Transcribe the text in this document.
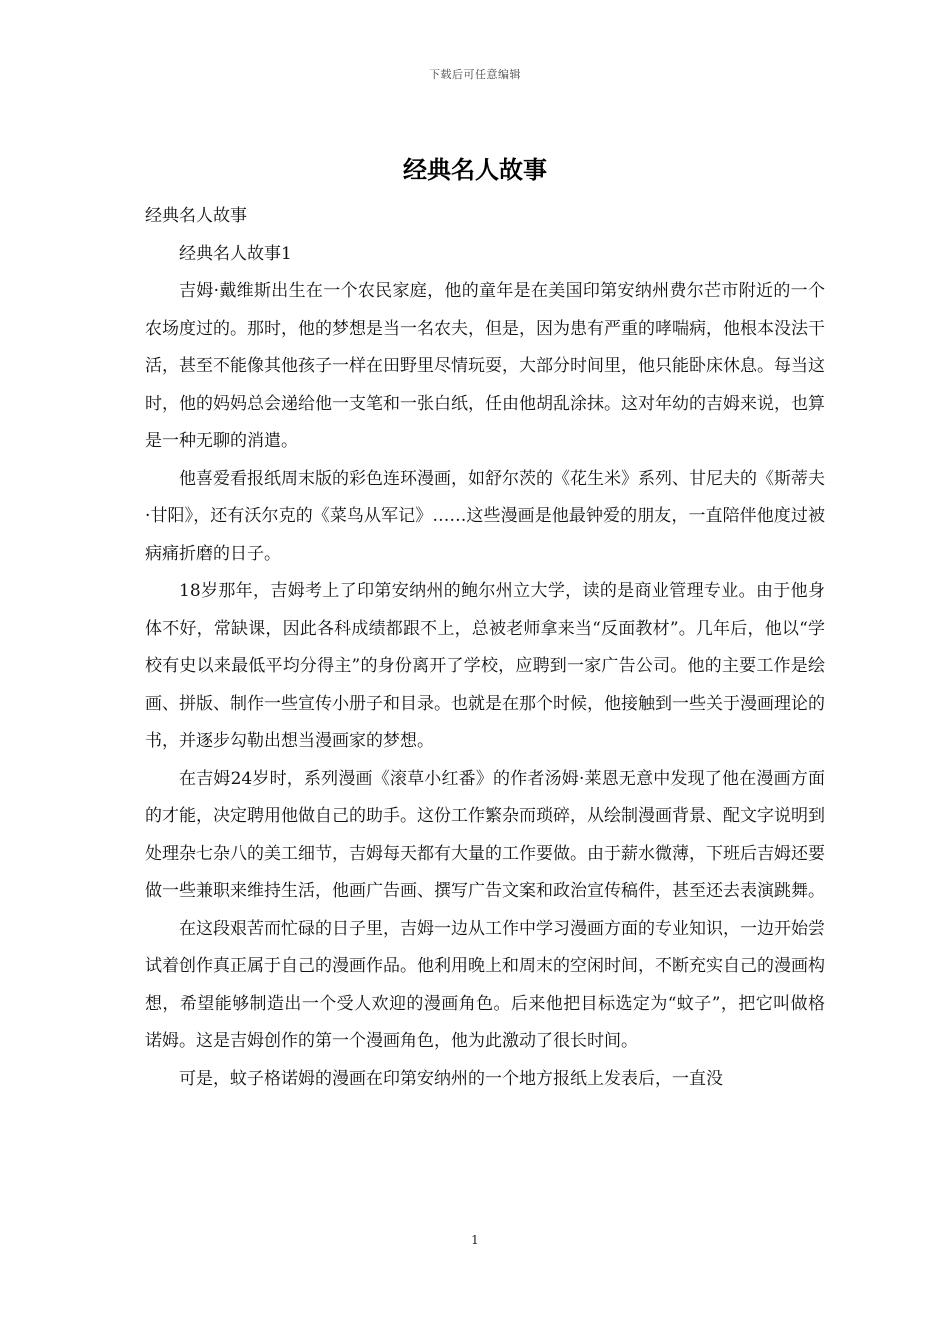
下载后可任意编辑
经典名人故事

经典名人故事

经典名人故事1

吉姆·戴维斯出生在一个农民家庭，他的童年是在美国印第安纳州费尔芒市附近的一个农场度过的。那时，他的梦想是当一名农夫，但是，因为患有严重的哮喘病，他根本没法干活，甚至不能像其他孩子一样在田野里尽情玩耍，大部分时间里，他只能卧床休息。每当这时，他的妈妈总会递给他一支笔和一张白纸，任由他胡乱涂抹。这对年幼的吉姆来说，也算是一种无聊的消遣。

他喜爱看报纸周末版的彩色连环漫画，如舒尔茨的《花生米》系列、甘尼夫的《斯蒂夫·甘阳》，还有沃尔克的《菜鸟从军记》……这些漫画是他最钟爱的朋友，一直陪伴他度过被病痛折磨的日子。

18岁那年，吉姆考上了印第安纳州的鲍尔州立大学，读的是商业管理专业。由于他身体不好，常缺课，因此各科成绩都跟不上，总被老师拿来当“反面教材”。几年后，他以“学校有史以来最低平均分得主”的身份离开了学校，应聘到一家广告公司。他的主要工作是绘画、拼版、制作一些宣传小册子和目录。也就是在那个时候，他接触到一些关于漫画理论的书，并逐步勾勒出想当漫画家的梦想。

在吉姆24岁时，系列漫画《滚草小红番》的作者汤姆·莱恩无意中发现了他在漫画方面的才能，决定聘用他做自己的助手。这份工作繁杂而琐碎，从绘制漫画背景、配文字说明到处理杂七杂八的美工细节，吉姆每天都有大量的工作要做。由于薪水微薄，下班后吉姆还要做一些兼职来维持生活，他画广告画、撰写广告文案和政治宣传稿件，甚至还去表演跳舞。

在这段艰苦而忙碌的日子里，吉姆一边从工作中学习漫画方面的专业知识，一边开始尝试着创作真正属于自己的漫画作品。他利用晚上和周末的空闲时间，不断充实自己的漫画构想，希望能够制造出一个受人欢迎的漫画角色。后来他把目标选定为“蚊子”，把它叫做格诺姆。这是吉姆创作的第一个漫画角色，他为此激动了很长时间。

可是，蚊子格诺姆的漫画在印第安纳州的一个地方报纸上发表后，一直没

1
